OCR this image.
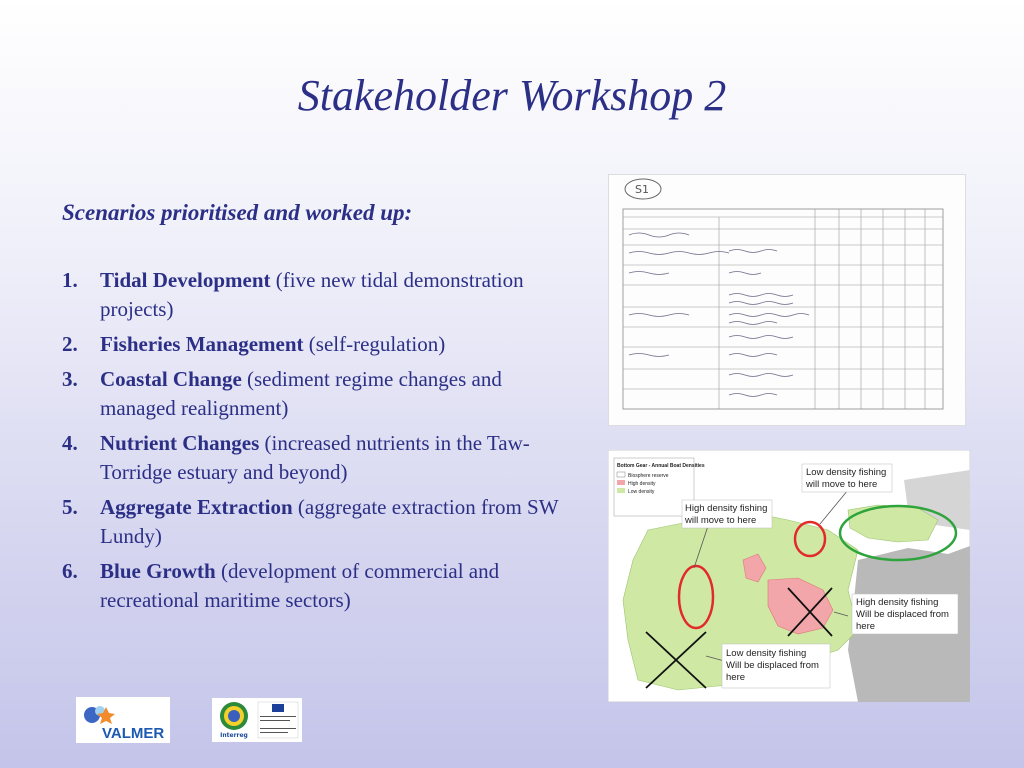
Stakeholder Workshop 2
Scenarios prioritised and worked up:
1. Tidal Development (five new tidal demonstration projects)
2. Fisheries Management (self-regulation)
3. Coastal Change (sediment regime changes and managed realignment)
4. Nutrient Changes (increased nutrients in the Taw-Torridge estuary and beyond)
5. Aggregate Extraction (aggregate extraction from SW Lundy)
6. Blue Growth (development of commercial and recreational maritime sectors)
S1
Bottom Gear - Annual Boat Densities
Biosphere reserve
High density
Low density
Low density fishing
will move to here
High density fishing
will move to here
High density fishing
Will be displaced from
here
Low density fishing
Will be displaced from
here
VALMER	Interreg
